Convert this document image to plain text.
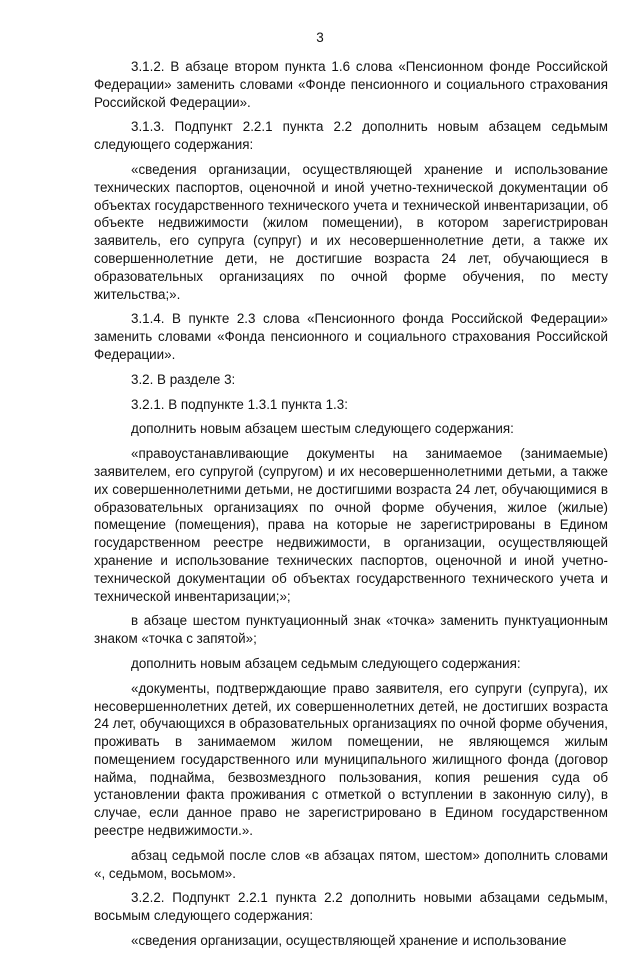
3

3.1.2. В абзаце втором пункта 1.6 слова «Пенсионном фонде Российской Федерации» заменить словами «Фонде пенсионного и социального страхования Российской Федерации».

3.1.3. Подпункт 2.2.1 пункта 2.2 дополнить новым абзацем седьмым следующего содержания:

«сведения организации, осуществляющей хранение и использование технических паспортов, оценочной и иной учетно-технической документации об объектах государственного технического учета и технической инвентаризации, об объекте недвижимости (жилом помещении), в котором зарегистрирован заявитель, его супруга (супруг) и их несовершеннолетние дети, а также их совершеннолетние дети, не достигшие возраста 24 лет, обучающиеся в образовательных организациях по очной форме обучения, по месту жительства;».

3.1.4. В пункте 2.3 слова «Пенсионного фонда Российской Федерации» заменить словами «Фонда пенсионного и социального страхования Российской Федерации».

3.2. В разделе 3:

3.2.1. В подпункте 1.3.1 пункта 1.3:

дополнить новым абзацем шестым следующего содержания:

«правоустанавливающие документы на занимаемое (занимаемые) заявителем, его супругой (супругом) и их несовершеннолетними детьми, а также их совершеннолетними детьми, не достигшими возраста 24 лет, обучающимися в образовательных организациях по очной форме обучения, жилое (жилые) помещение (помещения), права на которые не зарегистрированы в Едином государственном реестре недвижимости, в организации, осуществляющей хранение и использование технических паспортов, оценочной и иной учетно-технической документации об объектах государственного технического учета и технической инвентаризации;»;

в абзаце шестом пунктуационный знак «точка» заменить пунктуационным знаком «точка с запятой»;

дополнить новым абзацем седьмым следующего содержания:

«документы, подтверждающие право заявителя, его супруги (супруга), их несовершеннолетних детей, их совершеннолетних детей, не достигших возраста 24 лет, обучающихся в образовательных организациях по очной форме обучения, проживать в занимаемом жилом помещении, не являющемся жилым помещением государственного или муниципального жилищного фонда (договор найма, поднайма, безвозмездного пользования, копия решения суда об установлении факта проживания с отметкой о вступлении в законную силу), в случае, если данное право не зарегистрировано в Едином государственном реестре недвижимости.».

абзац седьмой после слов «в абзацах пятом, шестом» дополнить словами «, седьмом, восьмом».

3.2.2. Подпункт 2.2.1 пункта 2.2 дополнить новыми абзацами седьмым, восьмым следующего содержания:

«сведения организации, осуществляющей хранение и использование
